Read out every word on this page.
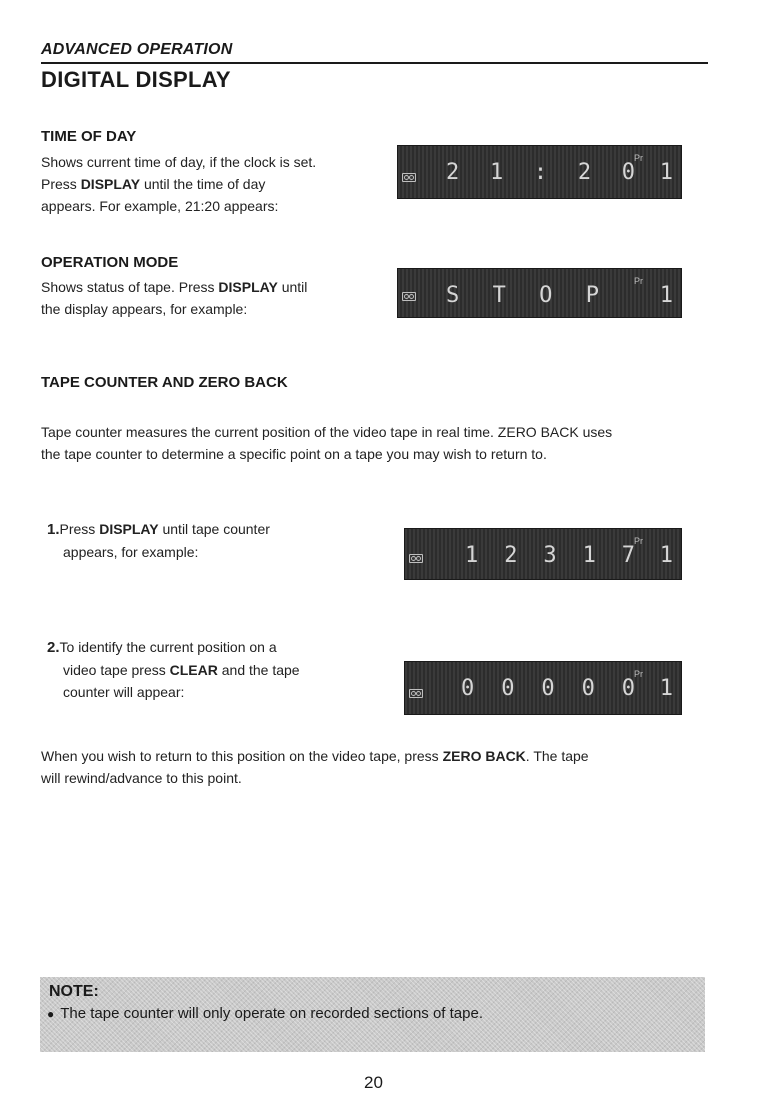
ADVANCED OPERATION
DIGITAL DISPLAY
TIME OF DAY
Shows current time of day, if the clock is set.
Press DISPLAY until the time of day
appears. For example, 21:20 appears:
Pr
2 1 : 2 0 1
OPERATION MODE
Shows status of tape. Press DISPLAY until
the display appears, for example:
Pr
S T O P	1
TAPE COUNTER AND ZERO BACK
Tape counter measures the current position of the video tape in real time. ZERO BACK uses
the tape counter to determine a specific point on a tape you may wish to return to.
1.Press DISPLAY until tape counter
appears, for example:
Pr
1 2 3 1 7 1
2.To identify the current position on a
video tape press CLEAR and the tape
counter will appear:
Pr
0 0 0 0 0 1
When you wish to return to this position on the video tape, press ZERO BACK. The tape
will rewind/advance to this point.
NOTE:
● The tape counter will only operate on recorded sections of tape.
20
